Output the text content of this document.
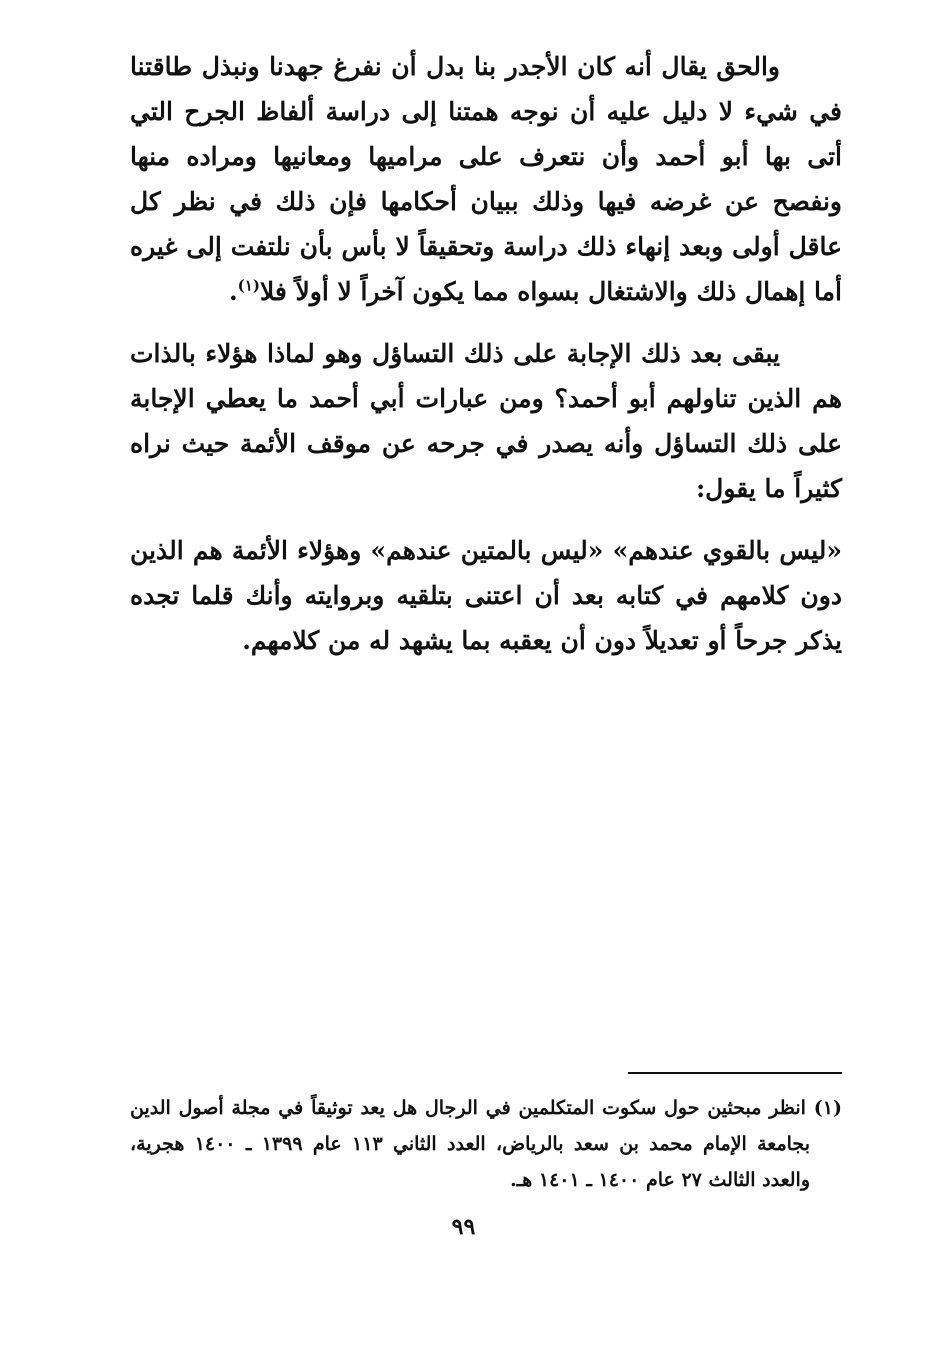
والحق يقال أنه كان الأجدر بنا بدل أن نفرغ جهدنا ونبذل طاقتنا في شيء لا دليل عليه أن نوجه همتنا إلى دراسة ألفاظ الجرح التي أتى بها أبو أحمد وأن نتعرف على مراميها ومعانيها ومراده منها ونفصح عن غرضه فيها وذلك ببيان أحكامها فإن ذلك في نظر كل عاقل أولى وبعد إنهاء ذلك دراسة وتحقيقاً لا بأس بأن نلتفت إلى غيره أما إهمال ذلك والاشتغال بسواه مما يكون آخراً لا أولاً فلا$^{(١)}$.

يبقى بعد ذلك الإجابة على ذلك التساؤل وهو لماذا هؤلاء بالذات هم الذين تناولهم أبو أحمد؟ ومن عبارات أبي أحمد ما يعطي الإجابة على ذلك التساؤل وأنه يصدر في جرحه عن موقف الأئمة حيث نراه كثيراً ما يقول:

«ليس بالقوي عندهم» «ليس بالمتين عندهم» وهؤلاء الأئمة هم الذين دون كلامهم في كتابه بعد أن اعتنى بتلقيه وبروايته وأنك قلما تجده يذكر جرحاً أو تعديلاً دون أن يعقبه بما يشهد له من كلامهم.

(١) انظر مبحثين حول سكوت المتكلمين في الرجال هل يعد توثيقاً في مجلة أصول الدين بجامعة الإمام محمد بن سعد بالرياض، العدد الثاني ١١٣ عام ١٣٩٩ ـ ١٤٠٠ هجرية، والعدد الثالث ٢٧ عام ١٤٠٠ ـ ١٤٠١ هـ.
٩٩
